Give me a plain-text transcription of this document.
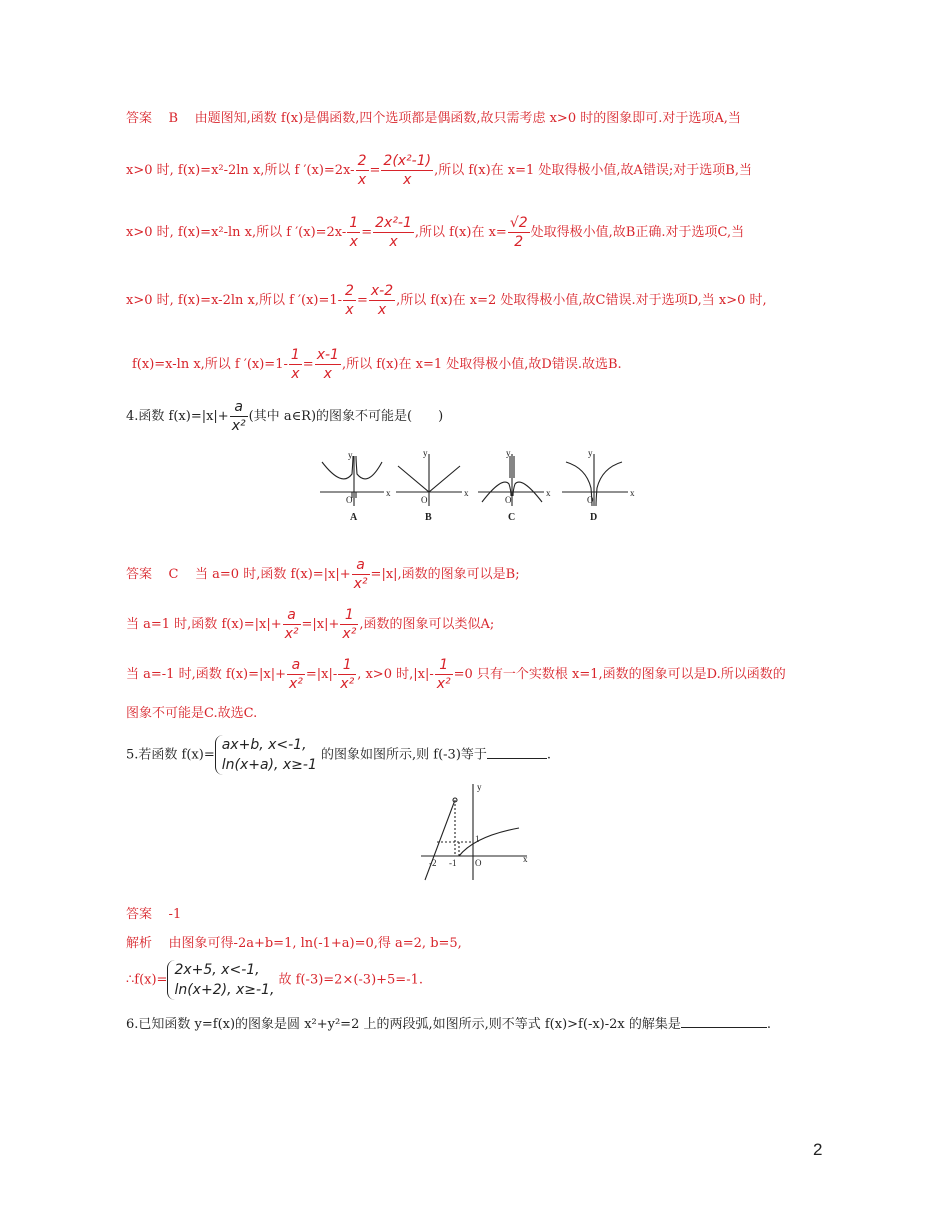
答案 B 由题图知,函数 f(x)是偶函数,四个选项都是偶函数,故只需考虑 x>0 时的图象即可.对于选项A,当
x>0 时, f(x)=x²-2ln x,所以 f $'(x)=2x- \frac{2}{x} = \frac{\text{2(x²-1)}}{x}$ ,所以 f(x)在 x=1 处取得极小值,故A错误;对于选项B,当
x>0 时, f(x)=x²-ln x,所以 f $'(x)=2x- \frac{1}{x} = \frac{\text{2x²-1}}{x}$ ,所以 f(x)在 $x= \frac{√2}{2}$ 处取得极小值,故B正确.对于选项C,当
x>0 时, f(x)=x-2ln x,所以 f $'(x)=1- \frac{2}{x} = \frac{x-2}{x}$ ,所以 f(x)在 x=2 处取得极小值,故C错误.对于选项D,当 x>0 时,
f(x)=x-ln x,所以 f $'(x)=1- \frac{1}{x} = \frac{x-1}{x}$ ,所以 f(x)在 x=1 处取得极小值,故D错误.故选B.
4.函数 $f(x)=|x|+ \frac{a}{\text{x²}}$ (其中 a∈R)的图象不可能是(　　)
x
y
O
x
y
O
x
y
O
x
y
O
A	B	C	D
答案 C 当 a=0 时,函数 $f(x)=|x|+ \frac{a}{\text{x²}} =|x|$,函数的图象可以是B;
当 a=1 时,函数 $f(x)=|x|+ \frac{a}{\text{x²}} =|x|+ \frac{1}{\text{x²}}$ ,函数的图象可以类似A;
当 a=-1 时,函数 $f(x)=|x|+ \frac{a}{\text{x²}} =|x|- \frac{1}{\text{x²}}$ , x>0 时$,|x|- \frac{1}{\text{x²}} =0$ 只有一个实数根 x=1,函数的图象可以是D.所以函数的
图象不可能是C.故选C.
5.若函数 f(x)=
ax+b, x<-1,
ln(x+a), x≥-1
的图象如图所示,则 f(-3)等于	.
x
y
O
-2 -1
1
答案 -1
解析 由图象可得-2a+b=1, ln(-1+a)=0,得 a=2, b=5,
∴f(x)=
2x+5, x<-1,
ln(x+2), x≥-1,
故 f(-3)=2×(-3)+5=-1.
6.已知函数 y=f(x)的图象是圆 x²+y²=2 上的两段弧,如图所示,则不等式 f(x)>f(-x)-2x 的解集是	.
2
